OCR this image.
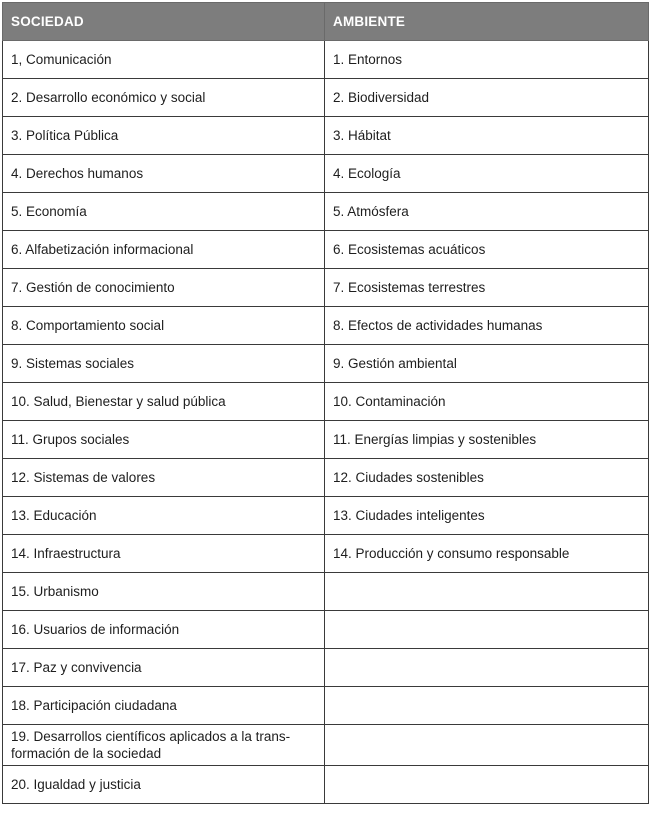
SOCIEDAD	AMBIENTE
1, Comunicación	1. Entornos
2. Desarrollo económico y social	2. Biodiversidad
3. Política Pública	3. Hábitat
4. Derechos humanos	4. Ecología
5. Economía	5. Atmósfera
6. Alfabetización informacional	6. Ecosistemas acuáticos
7. Gestión de conocimiento	7. Ecosistemas terrestres
8. Comportamiento social	8. Efectos de actividades humanas
9. Sistemas sociales	9. Gestión ambiental
10. Salud, Bienestar y salud pública	10. Contaminación
11. Grupos sociales	11. Energías limpias y sostenibles
12. Sistemas de valores	12. Ciudades sostenibles
13. Educación	13. Ciudades inteligentes
14. Infraestructura	14. Producción y consumo responsable
15. Urbanismo	
16. Usuarios de información	
17. Paz y convivencia	
18. Participación ciudadana	
19. Desarrollos científicos aplicados a la trans-
formación de la sociedad	
20. Igualdad y justicia	
